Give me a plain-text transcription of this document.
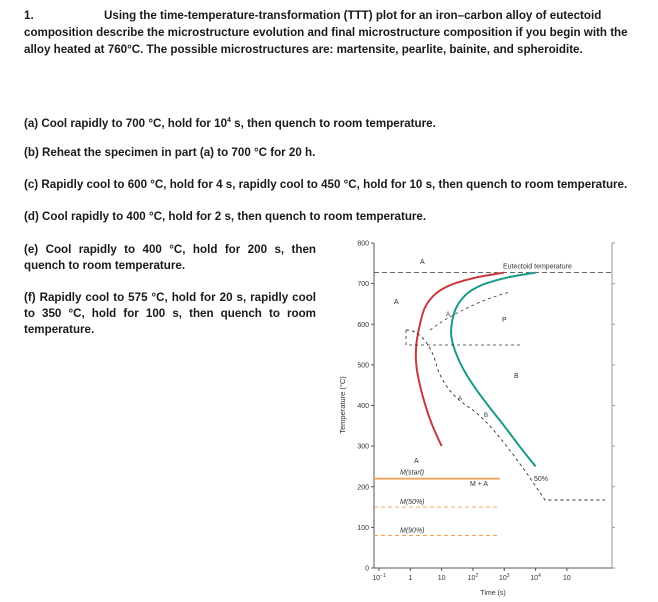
1.	Using the time-temperature-transformation (TTT) plot for an iron–carbon alloy of eutectoid
composition describe the microstructure evolution and final microstructure composition if you begin with the
alloy heated at 760°C. The possible microstructures are: martensite, pearlite, bainite, and spheroidite.
(a) Cool rapidly to 700 °C, hold for $10^4$ s, then quench to room temperature.
(b) Reheat the specimen in part (a) to 700 °C for 20 h.
(c) Rapidly cool to 600 °C, hold for 4 s, rapidly cool to 450 °C, hold for 10 s, then quench to room temperature.
(d) Cool rapidly to 400 °C, hold for 2 s, then quench to room temperature.
(e) Cool rapidly to 400 °C, hold for 200 s, then quench to room temperature.
(f) Rapidly cool to 575 °C, hold for 20 s, rapidly cool to 350 °C, hold for 100 s, then quench to room temperature.
0
100
200
300
400
500
600
700
800
$10^{-1}$	1	10	$10^2$	$10^3$	$10^4$	10
Temperature (°C)
Time (s)
Eutectoid temperature
A
A
A
P
B
A
A
B
M + A
50%
M(start)
M(50%)
M(90%)
